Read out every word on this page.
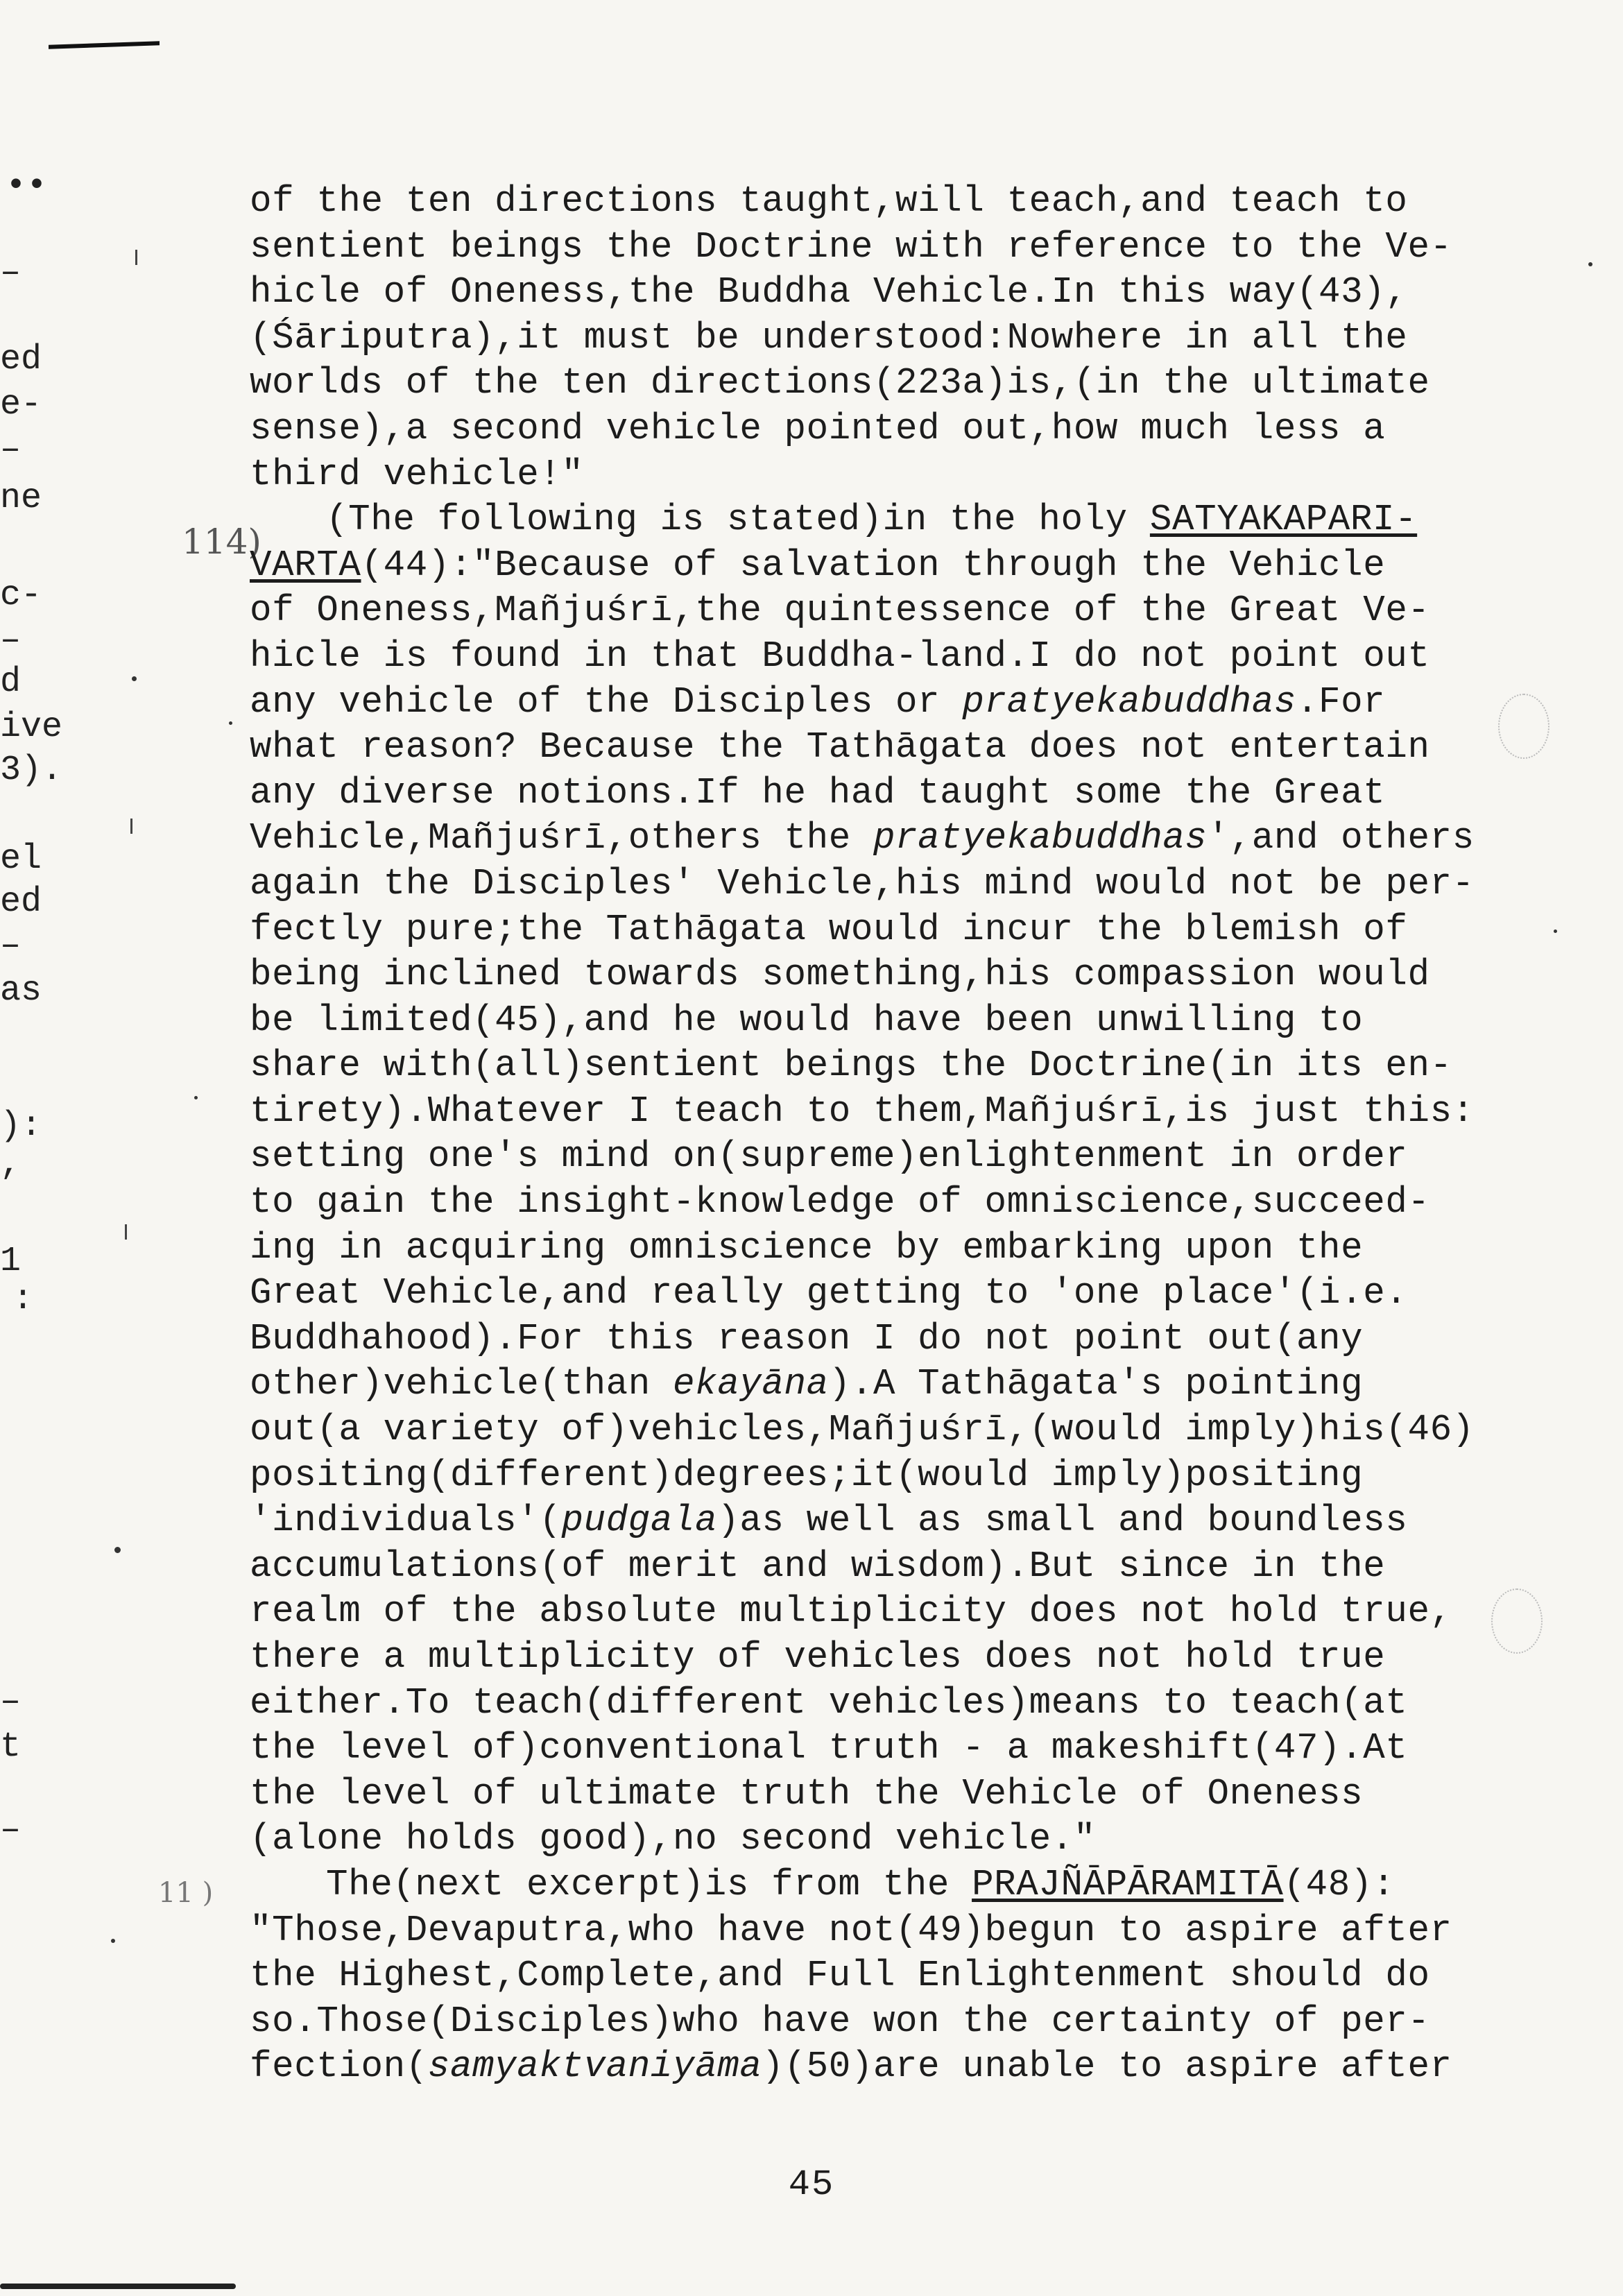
••
–
ed
e-
–
ne
c-
–
d
ive
3).
el
ed
–
as
):
,
1
:
–
t
–
114)
11 )
of the ten directions taught,will teach,and teach to
sentient beings the Doctrine with reference to the Ve-
hicle of Oneness,the Buddha Vehicle.In this way(43),
(Śāriputra),it must be understood:Nowhere in all the
worlds of the ten directions(223a)is,(in the ultimate
sense),a second vehicle pointed out,how much less a
third vehicle!"
(The following is stated)in the holy SATYAKAPARI-
VARTA(44):"Because of salvation through the Vehicle
of Oneness,Mañjuśrī,the quintessence of the Great Ve-
hicle is found in that Buddha-land.I do not point out
any vehicle of the Disciples or pratyekabuddhas.For
what reason? Because the Tathāgata does not entertain
any diverse notions.If he had taught some the Great
Vehicle,Mañjuśrī,others the pratyekabuddhas',and others
again the Disciples' Vehicle,his mind would not be per-
fectly pure;the Tathāgata would incur the blemish of
being inclined towards something,his compassion would
be limited(45),and he would have been unwilling to
share with(all)sentient beings the Doctrine(in its en-
tirety).Whatever I teach to them,Mañjuśrī,is just this:
setting one's mind on(supreme)enlightenment in order
to gain the insight-knowledge of omniscience,succeed-
ing in acquiring omniscience by embarking upon the
Great Vehicle,and really getting to 'one place'(i.e.
Buddhahood).For this reason I do not point out(any
other)vehicle(than ekayāna).A Tathāgata's pointing
out(a variety of)vehicles,Mañjuśrī,(would imply)his(46)
positing(different)degrees;it(would imply)positing
'individuals'(pudgala)as well as small and boundless
accumulations(of merit and wisdom).But since in the
realm of the absolute multiplicity does not hold true,
there a multiplicity of vehicles does not hold true
either.To teach(different vehicles)means to teach(at
the level of)conventional truth - a makeshift(47).At
the level of ultimate truth the Vehicle of Oneness
(alone holds good),no second vehicle."
The(next excerpt)is from the PRAJÑĀPĀRAMITĀ(48):
"Those,Devaputra,who have not(49)begun to aspire after
the Highest,Complete,and Full Enlightenment should do
so.Those(Disciples)who have won the certainty of per-
fection(samyaktvaniyāma)(50)are unable to aspire after
45
